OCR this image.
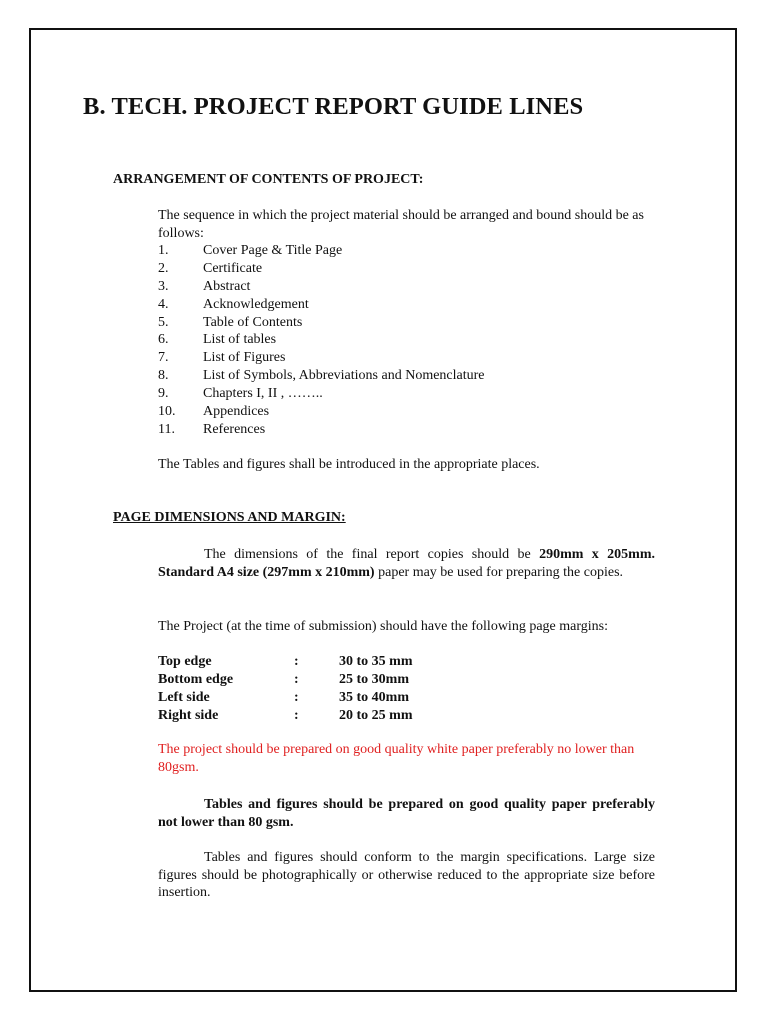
B. TECH. PROJECT REPORT GUIDE LINES
ARRANGEMENT OF CONTENTS OF PROJECT:
The sequence in which the project material should be arranged and bound should be as follows:
1. Cover Page & Title Page
2. Certificate
3. Abstract
4. Acknowledgement
5. Table of Contents
6. List of tables
7. List of Figures
8. List of Symbols, Abbreviations and Nomenclature
9. Chapters I, II , ……..
10. Appendices
11. References
The Tables and figures shall be introduced in the appropriate places.
PAGE DIMENSIONS AND MARGIN:
The dimensions of the final report copies should be 290mm x 205mm. Standard A4 size (297mm x 210mm) paper may be used for preparing the copies.
The Project (at the time of submission) should have the following page margins:
Top edge	:	30 to 35 mm
Bottom edge	:	25 to 30mm
Left side	:	35 to 40mm
Right side	:	20 to 25 mm
The project should be prepared on good quality white paper preferably no lower than 80gsm.
Tables and figures should be prepared on good quality paper preferably not lower than 80 gsm.
Tables and figures should conform to the margin specifications. Large size figures should be photographically or otherwise reduced to the appropriate size before insertion.
